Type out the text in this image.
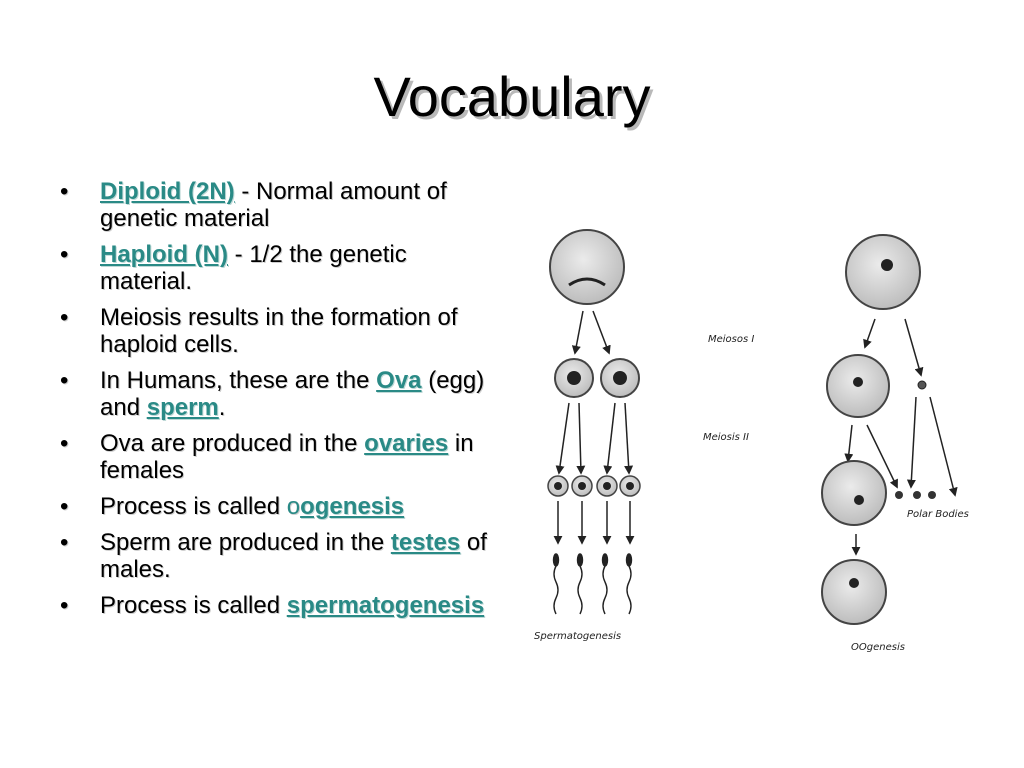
Vocabulary
•	Diploid (2N) - Normal amount of genetic material
•	Haploid (N) - 1/2 the genetic material.
•	Meiosis results in the formation of haploid cells.
•	In Humans, these are the Ova (egg) and sperm.
•	Ova are produced in the ovaries in females
•	Process is called oogenesis
•	Sperm are produced in the testes of males.
•	Process is called spermatogenesis
Spermatogenesis
Meiosos I
Meiosis II
Polar Bodies
OOgenesis
